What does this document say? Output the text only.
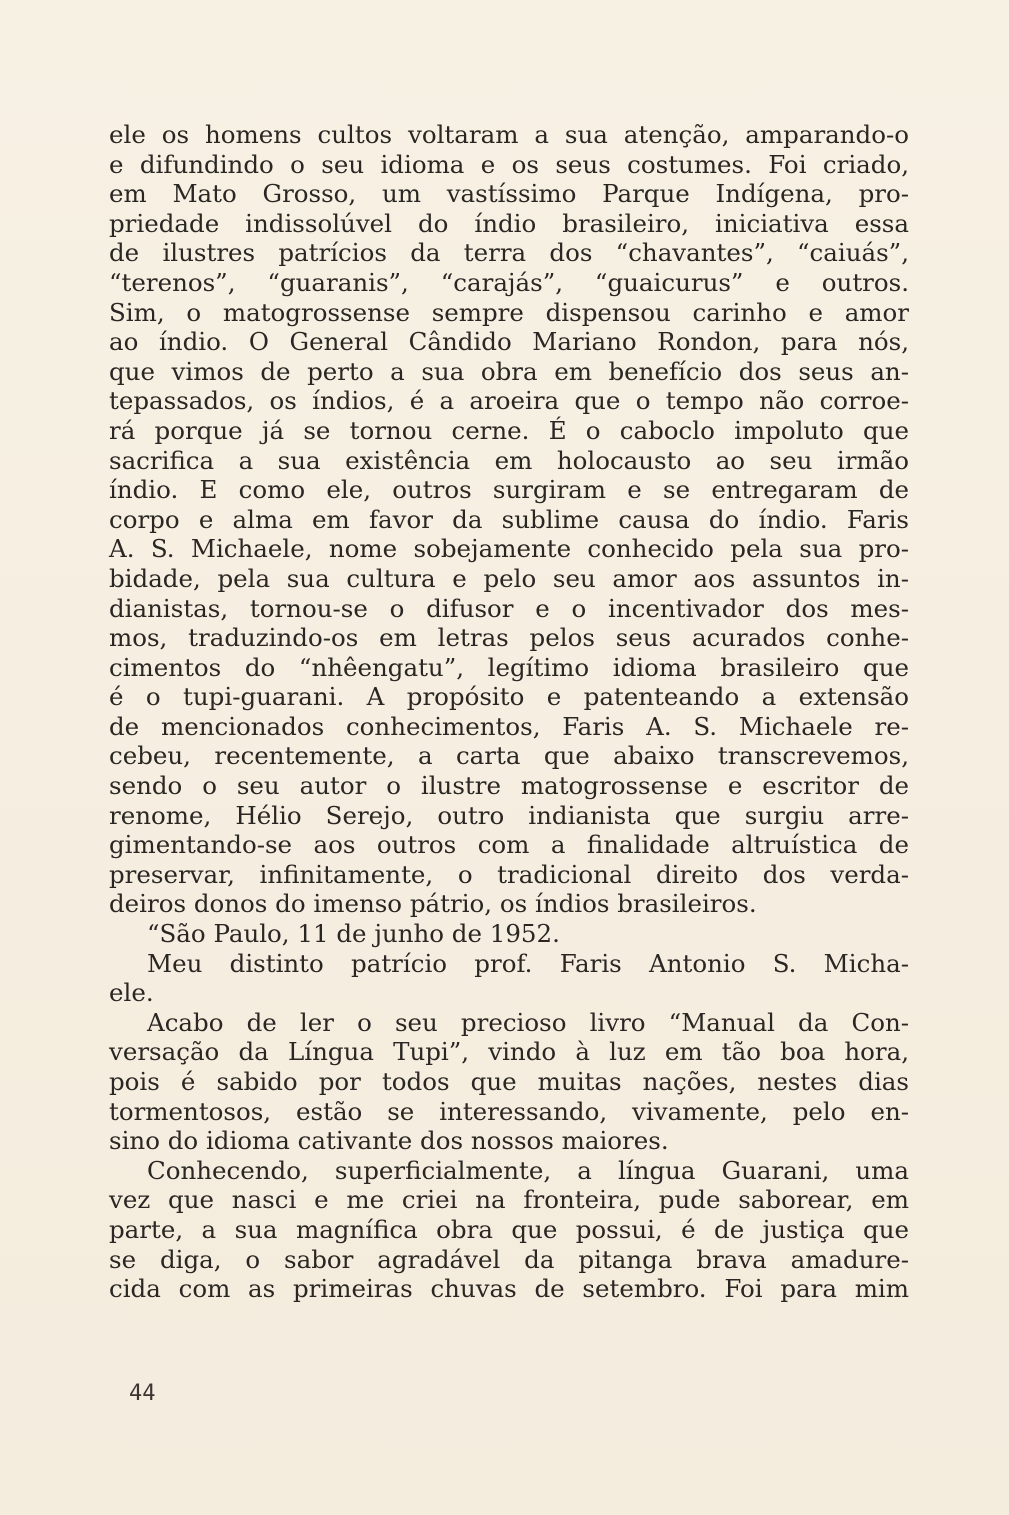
ele os homens cultos voltaram a sua atenção, amparando-o
e difundindo o seu idioma e os seus costumes. Foi criado,
em Mato Grosso, um vastíssimo Parque Indígena, pro-
priedade indissolúvel do índio brasileiro, iniciativa essa
de ilustres patrícios da terra dos “chavantes”, “caiuás”,
“terenos”, “guaranis”, “carajás”, “guaicurus” e outros.
Sim, o matogrossense sempre dispensou carinho e amor
ao índio. O General Cândido Mariano Rondon, para nós,
que vimos de perto a sua obra em benefício dos seus an-
tepassados, os índios, é a aroeira que o tempo não corroe-
rá porque já se tornou cerne. É o caboclo impoluto que
sacrifica a sua existência em holocausto ao seu irmão
índio. E como ele, outros surgiram e se entregaram de
corpo e alma em favor da sublime causa do índio. Faris
A. S. Michaele, nome sobejamente conhecido pela sua pro-
bidade, pela sua cultura e pelo seu amor aos assuntos in-
dianistas, tornou-se o difusor e o incentivador dos mes-
mos, traduzindo-os em letras pelos seus acurados conhe-
cimentos do “nhêengatu”, legítimo idioma brasileiro que
é o tupi-guarani. A propósito e patenteando a extensão
de mencionados conhecimentos, Faris A. S. Michaele re-
cebeu, recentemente, a carta que abaixo transcrevemos,
sendo o seu autor o ilustre matogrossense e escritor de
renome, Hélio Serejo, outro indianista que surgiu arre-
gimentando-se aos outros com a finalidade altruística de
preservar, infinitamente, o tradicional direito dos verda-
deiros donos do imenso pátrio, os índios brasileiros.
“São Paulo, 11 de junho de 1952.
Meu distinto patrício prof. Faris Antonio S. Micha-
ele.
Acabo de ler o seu precioso livro “Manual da Con-
versação da Língua Tupi”, vindo à luz em tão boa hora,
pois é sabido por todos que muitas nações, nestes dias
tormentosos, estão se interessando, vivamente, pelo en-
sino do idioma cativante dos nossos maiores.
Conhecendo, superficialmente, a língua Guarani, uma
vez que nasci e me criei na fronteira, pude saborear, em
parte, a sua magnífica obra que possui, é de justiça que
se diga, o sabor agradável da pitanga brava amadure-
cida com as primeiras chuvas de setembro. Foi para mim
44
